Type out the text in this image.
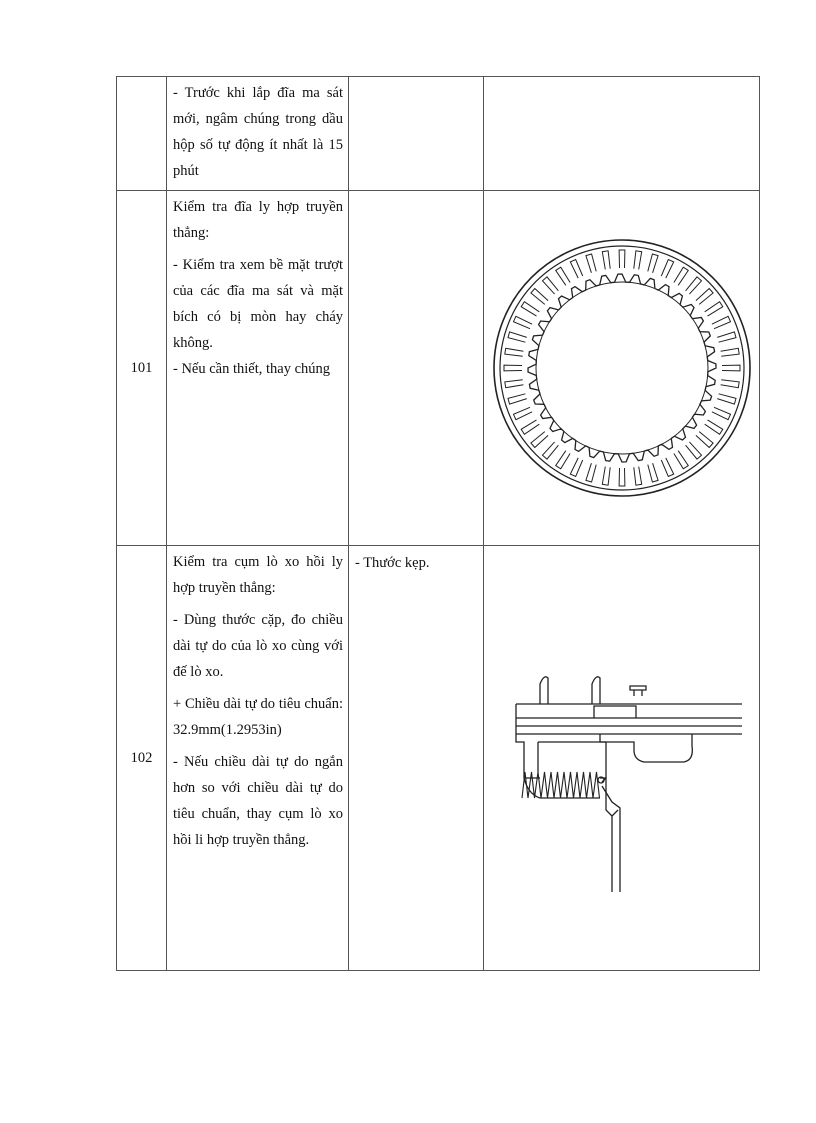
	- Trước khi lắp đĩa ma sát mới, ngâm chúng trong dầu hộp số tự động ít nhất là 15 phút		

101	Kiểm tra đĩa ly hợp truyền thẳng:

- Kiểm tra xem bề mặt trượt của các đĩa ma sát và mặt bích có bị mòn hay cháy không.

- Nếu cần thiết, thay chúng

102	Kiểm tra cụm lò xo hồi ly hợp truyền thẳng:

- Dùng thước cặp, đo chiều dài tự do của lò xo cùng với đế lò xo.

+ Chiều dài tự do tiêu chuẩn:32.9mm(1.2953in)

- Nếu chiều dài tự do ngắn hơn so với chiều dài tự do tiêu chuẩn, thay cụm lò xo hồi li hợp truyền thẳng.	- Thước kẹp.	
